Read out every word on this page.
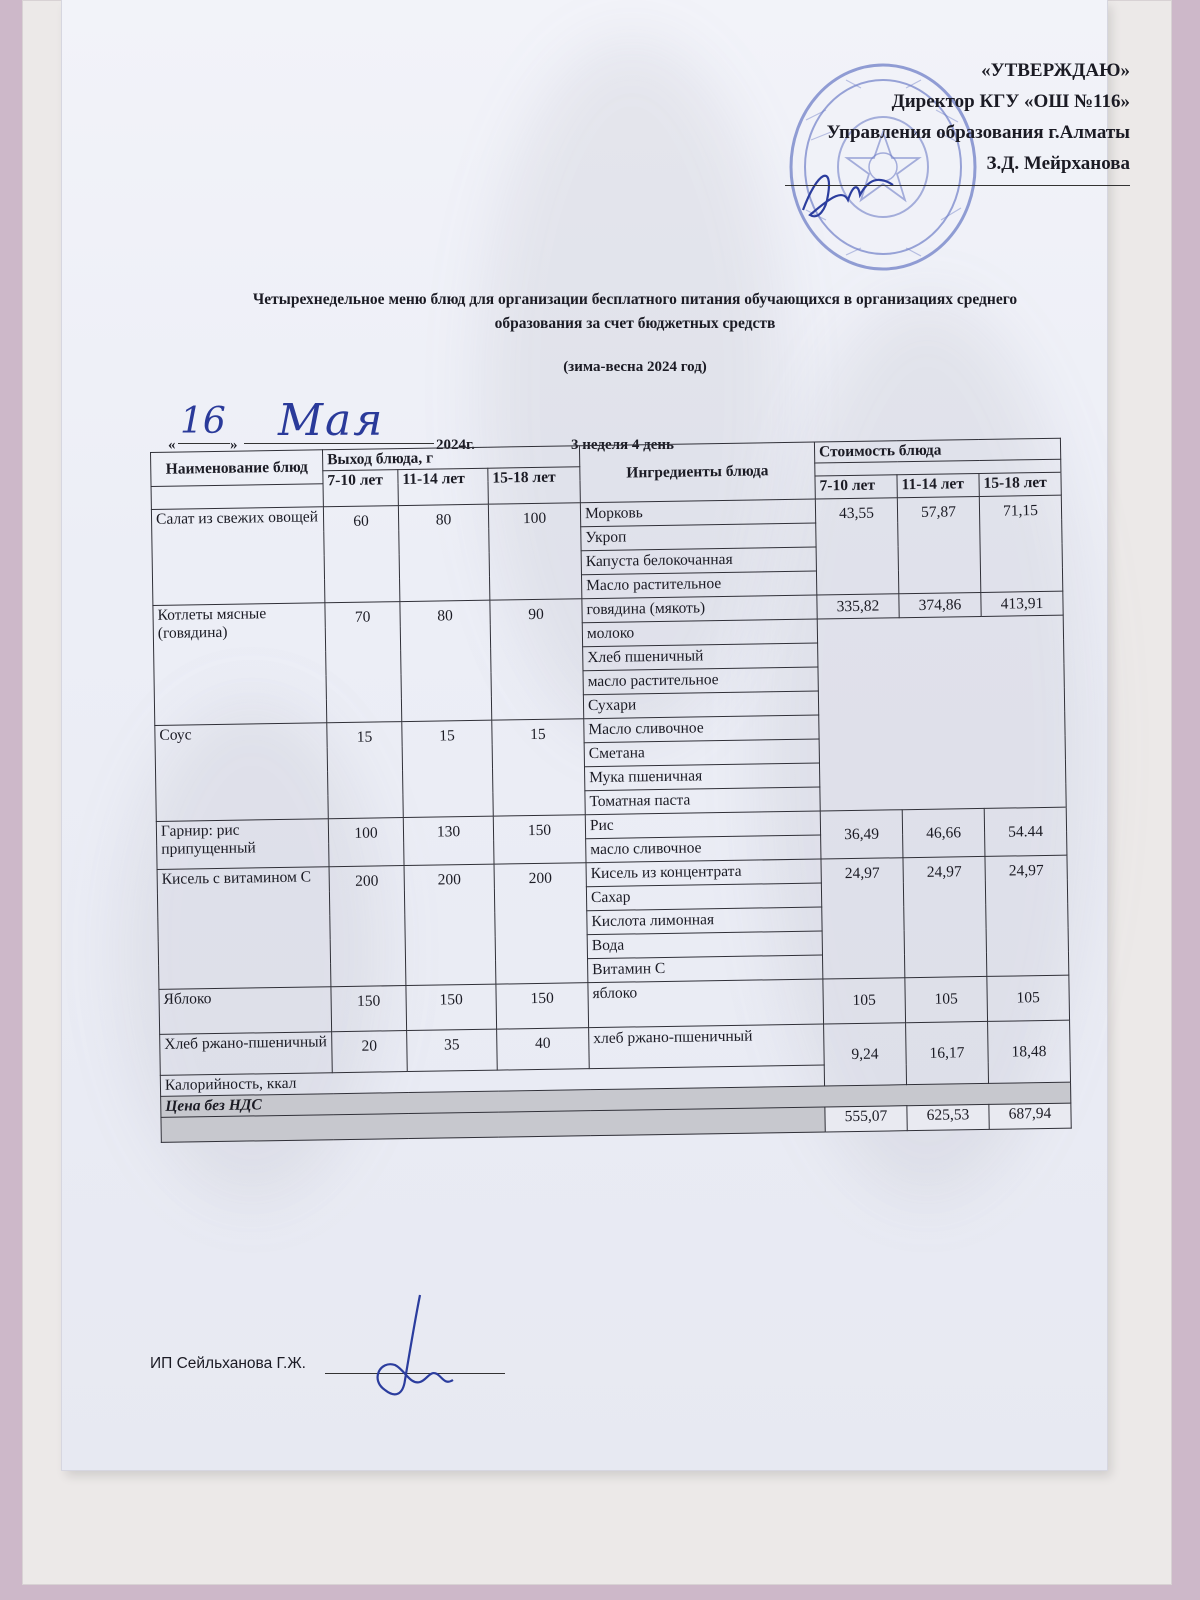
«УТВЕРЖДАЮ»
Директор КГУ «ОШ №116»
Управления образования г.Алматы
З.Д. Мейрханова
Четырехнедельное меню блюд для организации бесплатного питания обучающихся в организациях среднего
образования за счет бюджетных средств
(зима-весна 2024 год)
«
16
» Мая	2024г.	3 неделя 4 день
Наименование блюд	Выход блюда, г			Ингредиенты блюда	Стоимость блюда		
	7-10 лет	11-14 лет	15-18 лет				
					7-10 лет	11-14 лет	15-18 лет
Салат из свежих овощей	60	80	100	Морковь	43,55	57,87	71,15
				Укроп			
				Капуста белокочанная			
				Масло растительное			
Котлеты мясные (говядина)	70	80	90	говядина (мякоть)	335,82	374,86	413,91
				молоко			
				Хлеб пшеничный			
				масло растительное			
				Сухари			
Соус	15	15	15	Масло сливочное			
				Сметана			
				Мука пшеничная			
				Томатная паста			
Гарнир: рис припущенный	100	130	150	Рис	36,49	46,66	54.44
				масло сливочное			
Кисель с витамином С	200	200	200	Кисель из концентрата	24,97	24,97	24,97
				Сахар			
				Кислота лимонная			
				Вода			
				Витамин С			
Яблоко	150	150	150	яблоко	105	105	105
Хлеб ржано-пшеничный	20	35	40	хлеб ржано-пшеничный	9,24	16,17	18,48
Калорийность, ккал							
Цена без НДС							
					555,07	625,53	687,94
ИП Сейльханова Г.Ж.
